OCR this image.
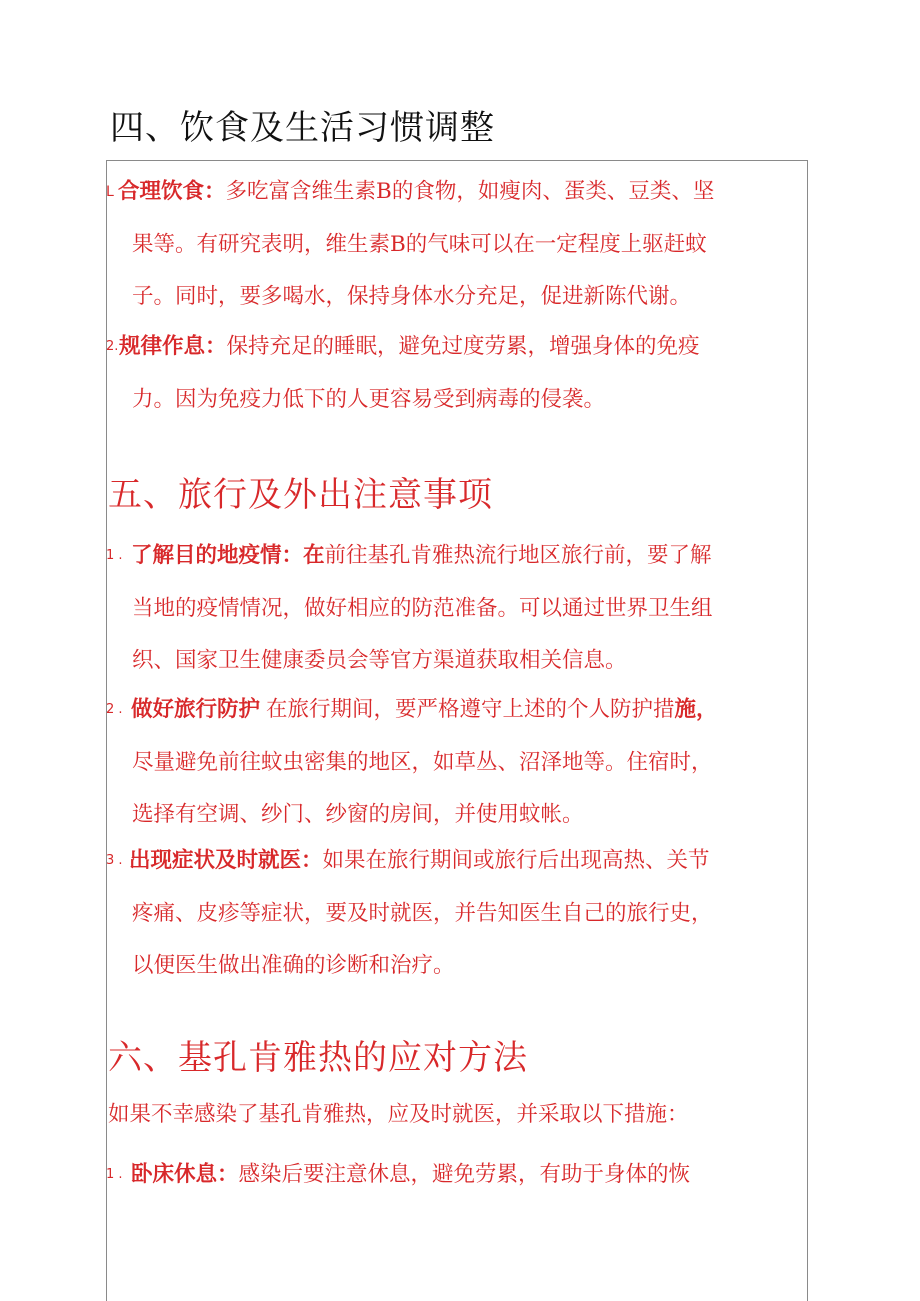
四、饮食及生活习惯调整
L 合理饮食：多吃富含维生素B的食物，如瘦肉、蛋类、豆类、坚
果等。有研究表明，维生素B的气味可以在一定程度上驱赶蚊
子。同时，要多喝水，保持身体水分充足，促进新陈代谢。
2.规律作息：保持充足的睡眠，避免过度劳累，增强身体的免疫
力。因为免疫力低下的人更容易受到病毒的侵袭。
五、旅行及外出注意事项
1 . 了解目的地疫情：在前往基孔肯雅热流行地区旅行前，要了解
当地的疫情情况，做好相应的防范准备。可以通过世界卫生组
织、国家卫生健康委员会等官方渠道获取相关信息。
2 . 做好旅行防护 在旅行期间，要严格遵守上述的个人防护措施，
尽量避免前往蚊虫密集的地区，如草丛、沼泽地等。住宿时，
选择有空调、纱门、纱窗的房间，并使用蚊帐。
3 . 出现症状及时就医：如果在旅行期间或旅行后出现高热、关节
疼痛、皮疹等症状，要及时就医，并告知医生自己的旅行史，
以便医生做出准确的诊断和治疗。
六、基孔肯雅热的应对方法
如果不幸感染了基孔肯雅热，应及时就医，并采取以下措施：
1 . 卧床休息：感染后要注意休息，避免劳累，有助于身体的恢
